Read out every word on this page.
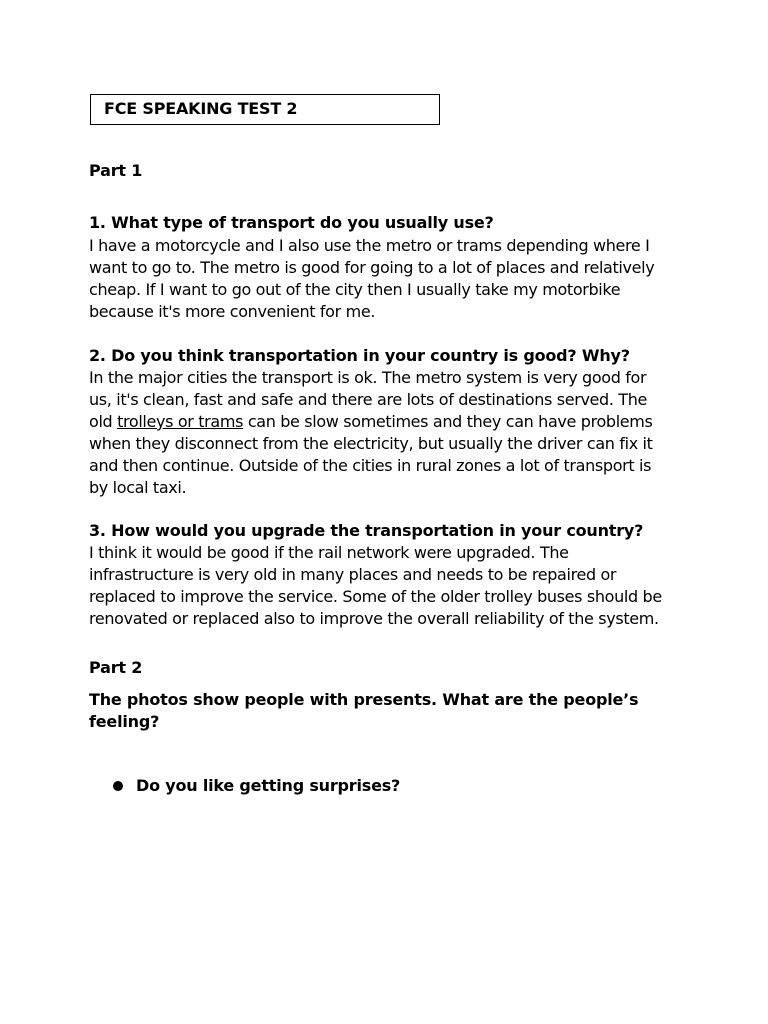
FCE SPEAKING TEST 2
Part 1
1. What type of transport do you usually use?
I have a motorcycle and I also use the metro or trams depending where I
want to go to. The metro is good for going to a lot of places and relatively
cheap. If I want to go out of the city then I usually take my motorbike
because it's more convenient for me.
2. Do you think transportation in your country is good? Why?
In the major cities the transport is ok. The metro system is very good for
us, it's clean, fast and safe and there are lots of destinations served. The
old trolleys or trams can be slow sometimes and they can have problems
when they disconnect from the electricity, but usually the driver can fix it
and then continue. Outside of the cities in rural zones a lot of transport is
by local taxi.
3. How would you upgrade the transportation in your country?
I think it would be good if the rail network were upgraded. The
infrastructure is very old in many places and needs to be repaired or
replaced to improve the service. Some of the older trolley buses should be
renovated or replaced also to improve the overall reliability of the system.
Part 2
The photos show people with presents. What are the people’s
feeling?
Do you like getting surprises?
